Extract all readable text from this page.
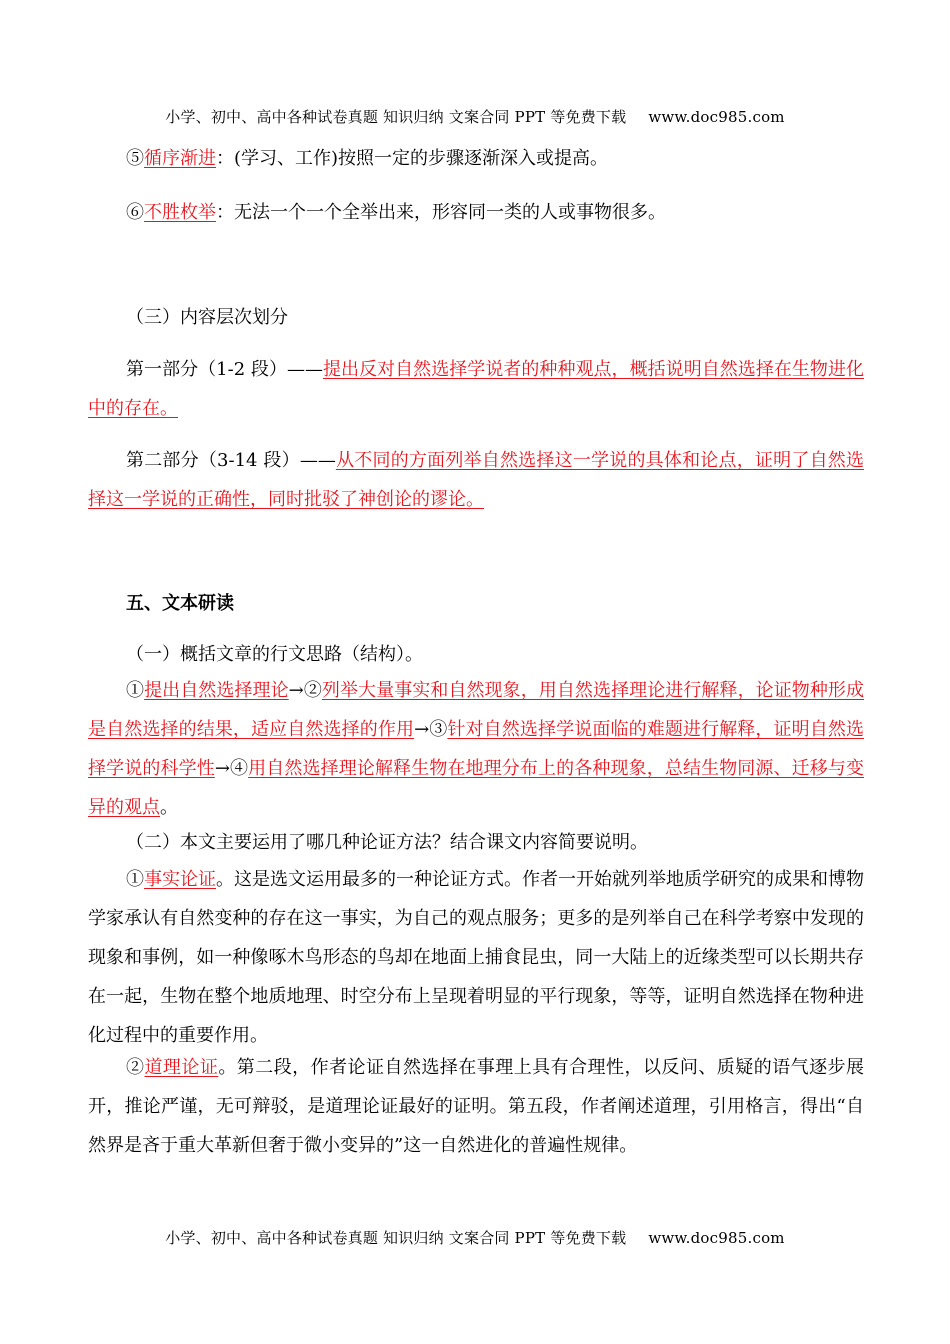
小学、初中、高中各种试卷真题 知识归纳 文案合同 PPT 等免费下载 www.doc985.com

⑤循序渐进：(学习、工作)按照一定的步骤逐渐深入或提高。

⑥不胜枚举：无法一个一个全举出来，形容同一类的人或事物很多。

（三）内容层次划分

第一部分（1-2 段）——提出反对自然选择学说者的种种观点，概括说明自然选择在生物进化中的存在。

第二部分（3-14 段）——从不同的方面列举自然选择这一学说的具体和论点，证明了自然选择这一学说的正确性，同时批驳了神创论的谬论。

五、文本研读

（一）概括文章的行文思路（结构）。

①提出自然选择理论→②列举大量事实和自然现象，用自然选择理论进行解释，论证物种形成是自然选择的结果，适应自然选择的作用→③针对自然选择学说面临的难题进行解释，证明自然选择学说的科学性→④用自然选择理论解释生物在地理分布上的各种现象，总结生物同源、迁移与变异的观点。

（二）本文主要运用了哪几种论证方法？结合课文内容简要说明。

①事实论证。这是选文运用最多的一种论证方式。作者一开始就列举地质学研究的成果和博物学家承认有自然变种的存在这一事实，为自己的观点服务；更多的是列举自己在科学考察中发现的现象和事例，如一种像啄木鸟形态的鸟却在地面上捕食昆虫，同一大陆上的近缘类型可以长期共存在一起，生物在整个地质地理、时空分布上呈现着明显的平行现象，等等，证明自然选择在物种进化过程中的重要作用。

②道理论证。第二段，作者论证自然选择在事理上具有合理性，以反问、质疑的语气逐步展开，推论严谨，无可辩驳，是道理论证最好的证明。第五段，作者阐述道理，引用格言，得出“自然界是吝于重大革新但奢于微小变异的”这一自然进化的普遍性规律。

小学、初中、高中各种试卷真题 知识归纳 文案合同 PPT 等免费下载 www.doc985.com
